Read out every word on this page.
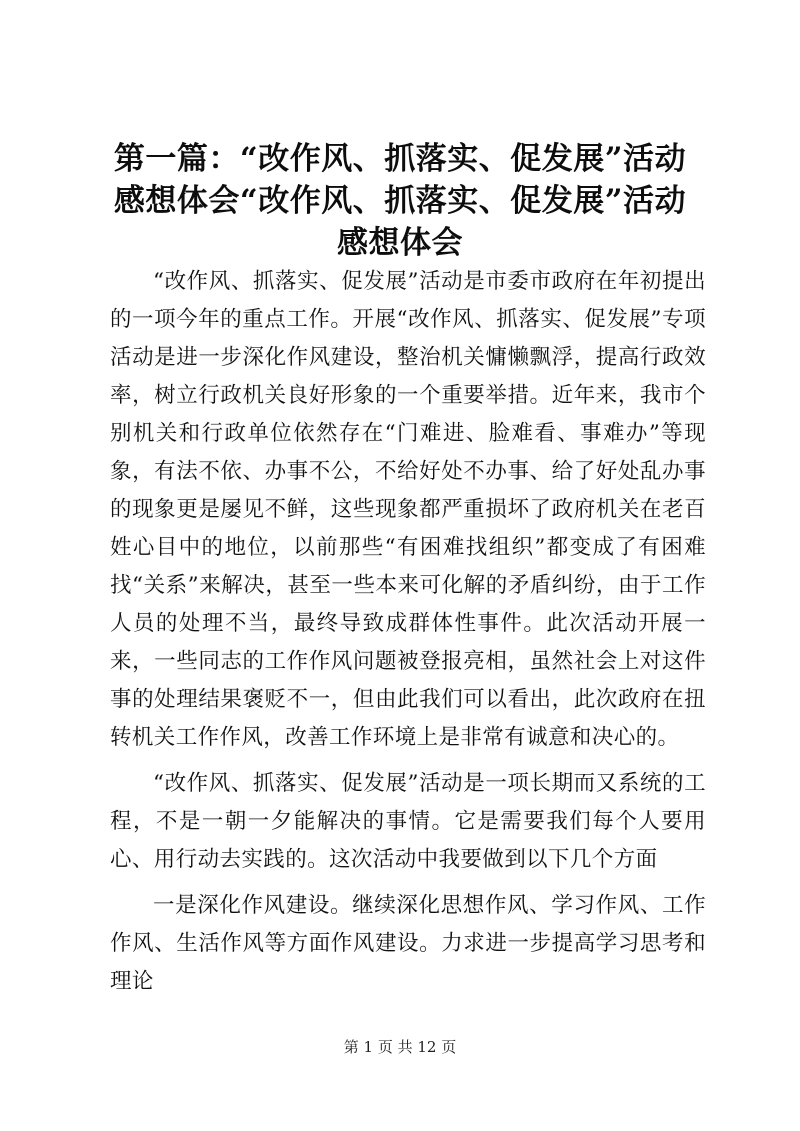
第一篇：“改作风、抓落实、促发展”活动感想体会“改作风、抓落实、促发展”活动感想体会

“改作风、抓落实、促发展”活动是市委市政府在年初提出的一项今年的重点工作。开展“改作风、抓落实、促发展”专项活动是进一步深化作风建设，整治机关慵懒飘浮，提高行政效率，树立行政机关良好形象的一个重要举措。近年来，我市个别机关和行政单位依然存在“门难进、脸难看、事难办”等现象，有法不依、办事不公，不给好处不办事、给了好处乱办事的现象更是屡见不鲜，这些现象都严重损坏了政府机关在老百姓心目中的地位，以前那些“有困难找组织”都变成了有困难找“关系”来解决，甚至一些本来可化解的矛盾纠纷，由于工作人员的处理不当，最终导致成群体性事件。此次活动开展一来，一些同志的工作作风问题被登报亮相，虽然社会上对这件事的处理结果褒贬不一，但由此我们可以看出，此次政府在扭转机关工作作风，改善工作环境上是非常有诚意和决心的。

“改作风、抓落实、促发展”活动是一项长期而又系统的工程，不是一朝一夕能解决的事情。它是需要我们每个人要用心、用行动去实践的。这次活动中我要做到以下几个方面

一是深化作风建设。继续深化思想作风、学习作风、工作作风、生活作风等方面作风建设。力求进一步提高学习思考和理论

第 1 页 共 12 页
